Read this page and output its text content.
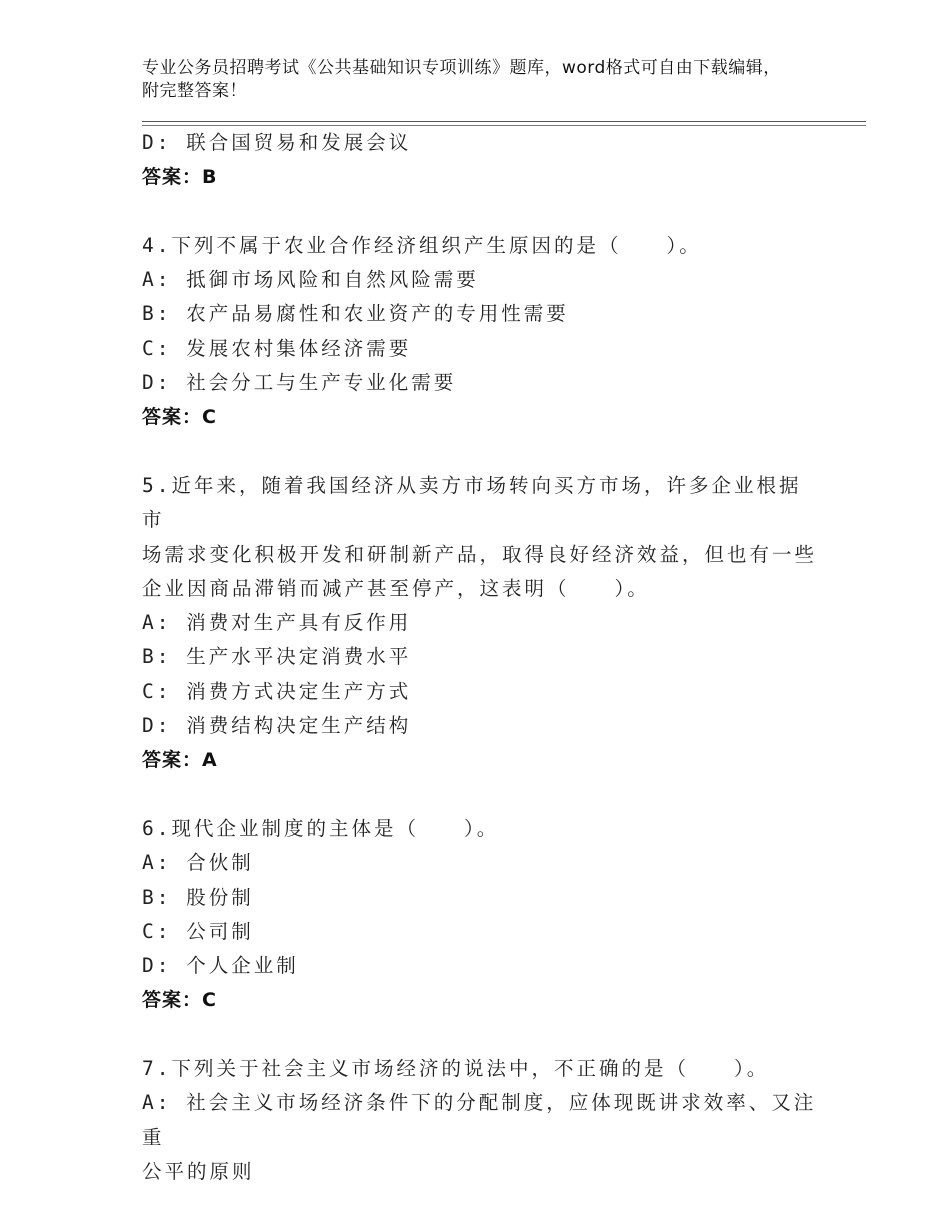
专业公务员招聘考试《公共基础知识专项训练》题库，word格式可自由下载编辑，附完整答案！

D: 联合国贸易和发展会议

答案：B

4.下列不属于农业合作经济组织产生原因的是（　　）。

A: 抵御市场风险和自然风险需要

B: 农产品易腐性和农业资产的专用性需要

C: 发展农村集体经济需要

D: 社会分工与生产专业化需要

答案：C

5.近年来，随着我国经济从卖方市场转向买方市场，许多企业根据市

场需求变化积极开发和研制新产品，取得良好经济效益，但也有一些

企业因商品滞销而减产甚至停产，这表明（　　）。

A: 消费对生产具有反作用

B: 生产水平决定消费水平

C: 消费方式决定生产方式

D: 消费结构决定生产结构

答案：A

6.现代企业制度的主体是（　　）。

A: 合伙制

B: 股份制

C: 公司制

D: 个人企业制

答案：C

7.下列关于社会主义市场经济的说法中，不正确的是（　　）。

A: 社会主义市场经济条件下的分配制度，应体现既讲求效率、又注重

公平的原则
